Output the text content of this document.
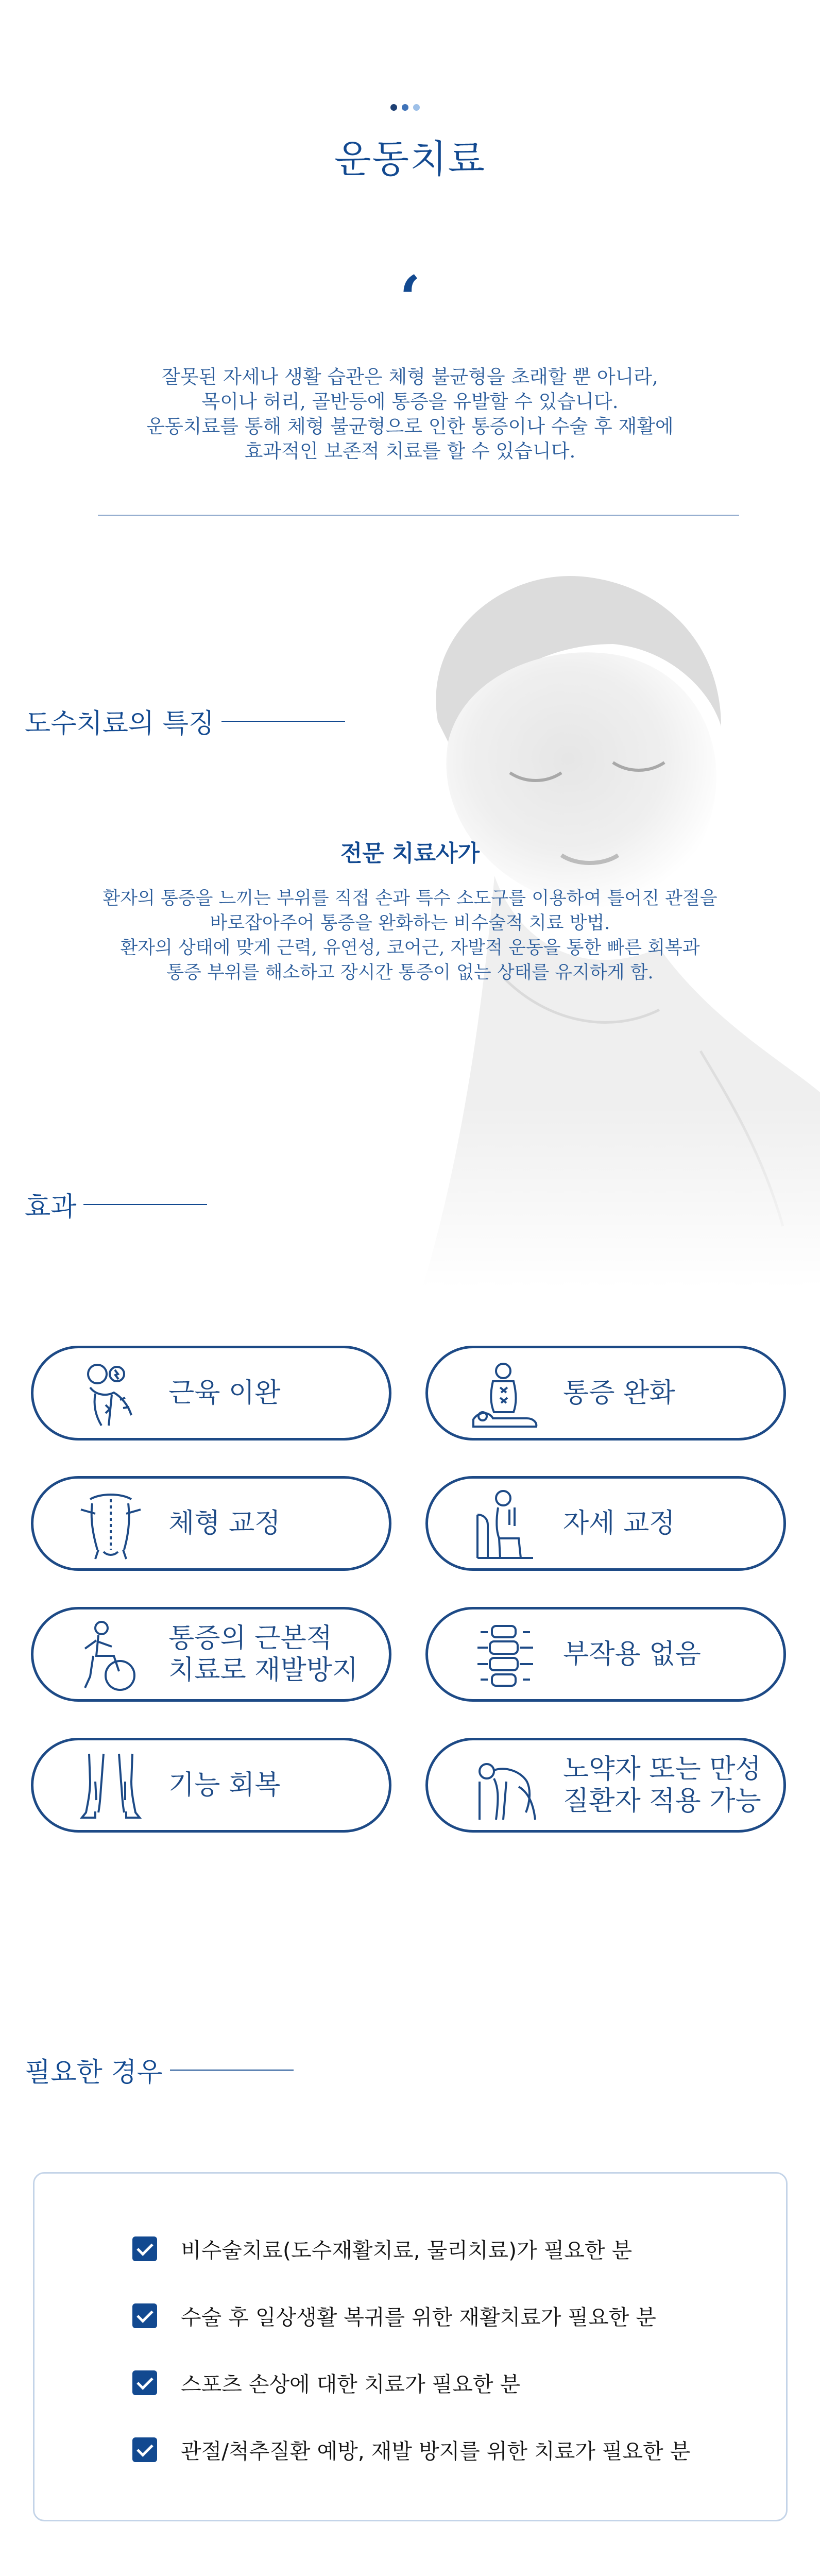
운동치료
‘
잘못된 자세나 생활 습관은 체형 불균형을 초래할 뿐 아니라,
목이나 허리, 골반등에 통증을 유발할 수 있습니다.
운동치료를 통해 체형 불균형으로 인한 통증이나 수술 후 재활에
효과적인 보존적 치료를 할 수 있습니다.
도수치료의 특징
전문 치료사가
환자의 통증을 느끼는 부위를 직접 손과 특수 소도구를 이용하여 틀어진 관절을
바로잡아주어 통증을 완화하는 비수술적 치료 방법.
환자의 상태에 맞게 근력, 유연성, 코어근, 자발적 운동을 통한 빠른 회복과
통증 부위를 해소하고 장시간 통증이 없는 상태를 유지하게 함.
효과
근육 이완	통증 완화
체형 교정	자세 교정
통증의 근본적
치료로 재발방지
부작용 없음
기능 회복
노약자 또는 만성
질환자 적용 가능
필요한 경우
비수술치료(도수재활치료, 물리치료)가 필요한 분
수술 후 일상생활 복귀를 위한 재활치료가 필요한 분
스포츠 손상에 대한 치료가 필요한 분
관절/척추질환 예방, 재발 방지를 위한 치료가 필요한 분
